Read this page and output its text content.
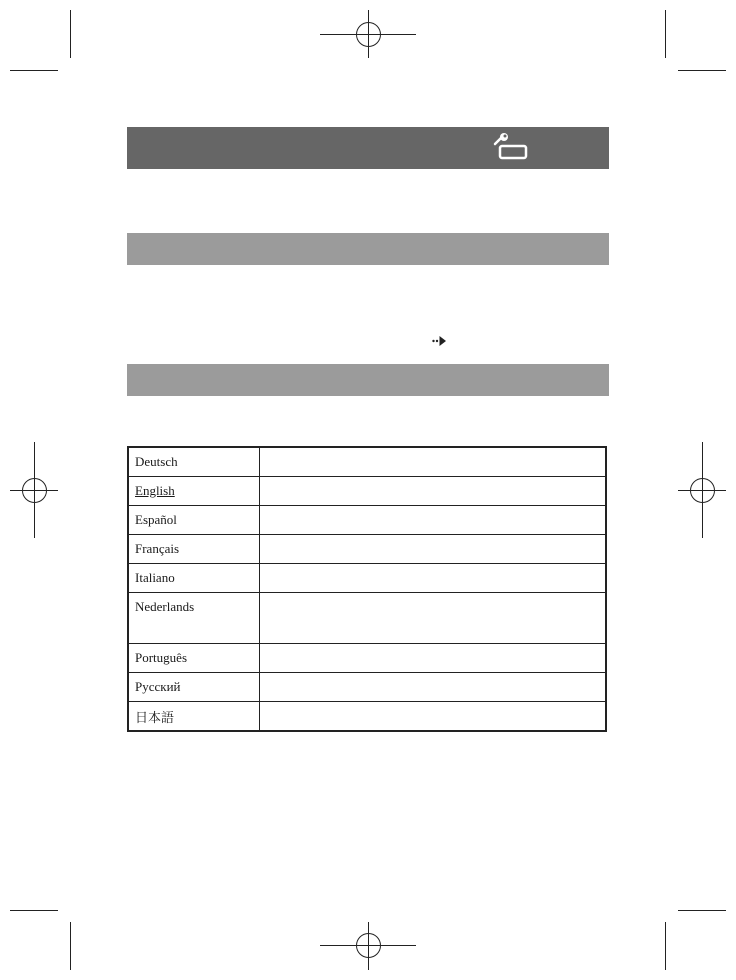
Deutsch	
English	
Español	
Français	
Italiano	
Nederlands	
Português	
Русский	
日本語	
